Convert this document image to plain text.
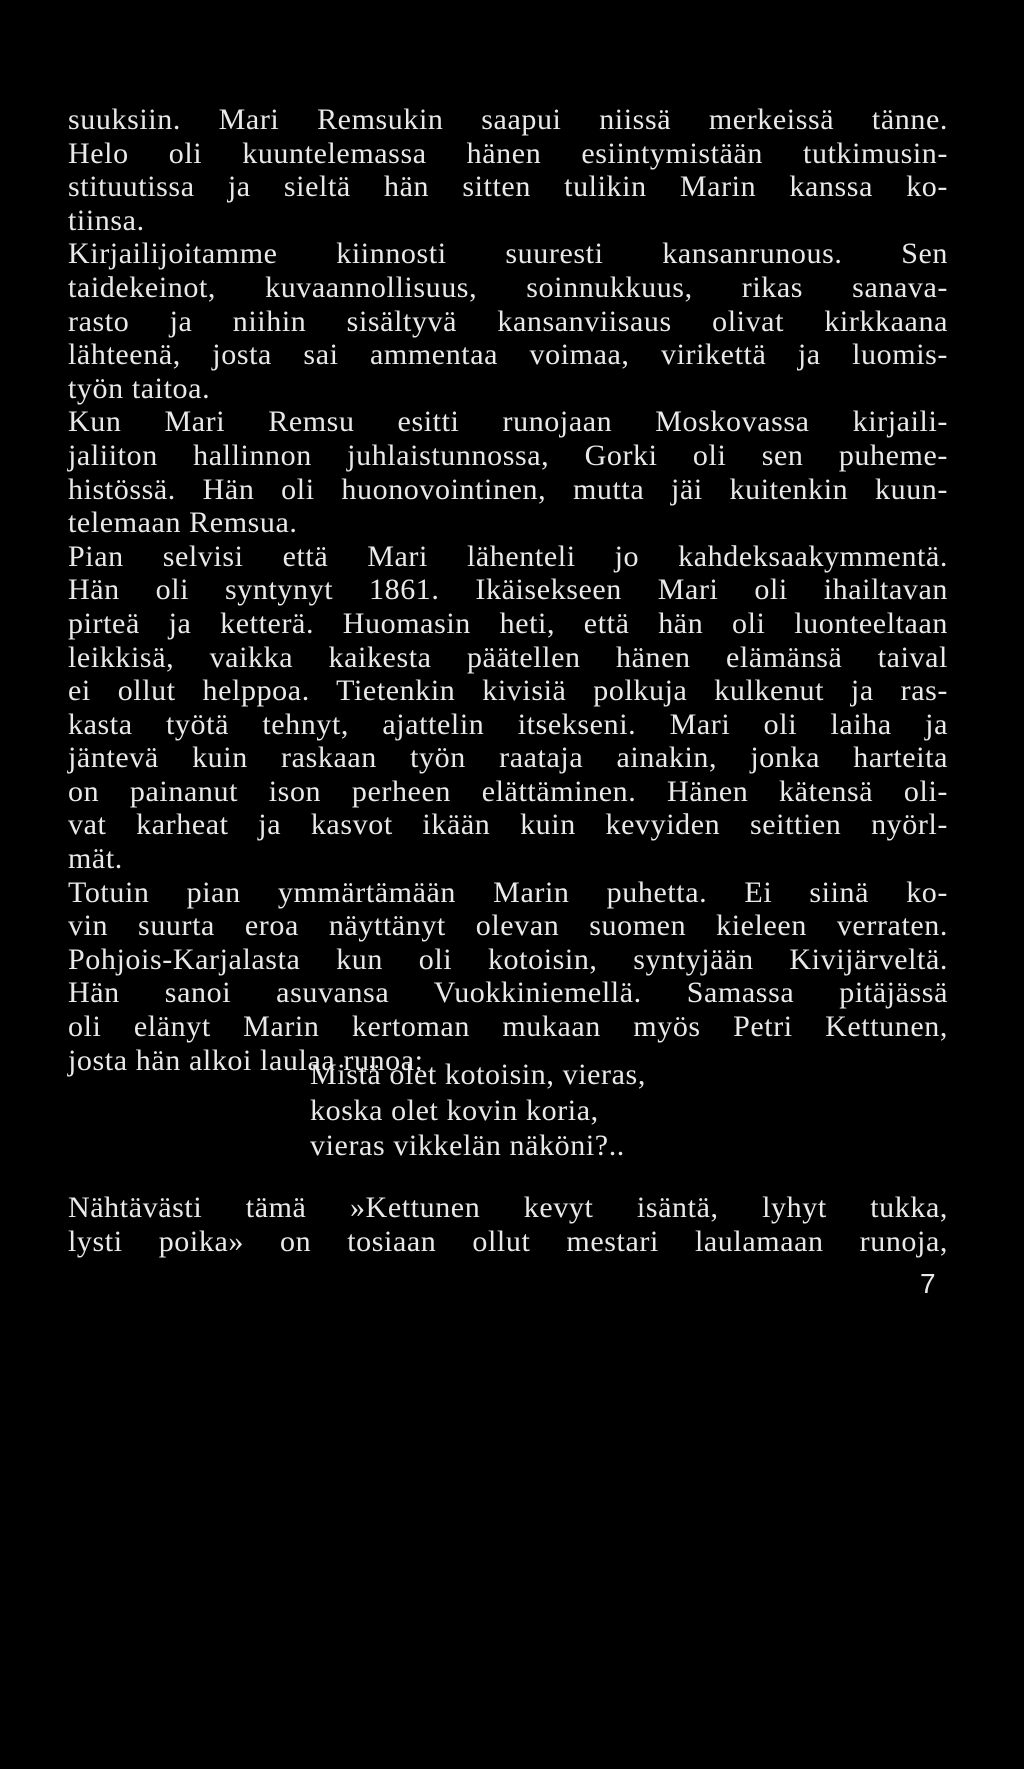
suuksiin. Mari Remsukin saapui niissä merkeissä tänne.
Helo oli kuuntelemassa hänen esiintymistään tutkimusin-
stituutissa ja sieltä hän sitten tulikin Marin kanssa ko-
tiinsa.
Kirjailijoitamme kiinnosti suuresti kansanrunous. Sen
taidekeinot, kuvaannollisuus, soinnukkuus, rikas sanava-
rasto ja niihin sisältyvä kansanviisaus olivat kirkkaana
lähteenä, josta sai ammentaa voimaa, virikettä ja luomis-
työn taitoa.
Kun Mari Remsu esitti runojaan Moskovassa kirjaili-
jaliiton hallinnon juhlaistunnossa, Gorki oli sen puheme-
histössä. Hän oli huonovointinen, mutta jäi kuitenkin kuun-
telemaan Remsua.
Pian selvisi että Mari lähenteli jo kahdeksaakymmentä.
Hän oli syntynyt 1861. Ikäisekseen Mari oli ihailtavan
pirteä ja ketterä. Huomasin heti, että hän oli luonteeltaan
leikkisä, vaikka kaikesta päätellen hänen elämänsä taival
ei ollut helppoa. Tietenkin kivisiä polkuja kulkenut ja ras-
kasta työtä tehnyt, ajattelin itsekseni. Mari oli laiha ja
jäntevä kuin raskaan työn raataja ainakin, jonka harteita
on painanut ison perheen elättäminen. Hänen kätensä oli-
vat karheat ja kasvot ikään kuin kevyiden seittien nyörl-
mät.
Totuin pian ymmärtämään Marin puhetta. Ei siinä ko-
vin suurta eroa näyttänyt olevan suomen kieleen verraten.
Pohjois-Karjalasta kun oli kotoisin, syntyjään Kivijärveltä.
Hän sanoi asuvansa Vuokkiniemellä. Samassa pitäjässä
oli elänyt Marin kertoman mukaan myös Petri Kettunen,
josta hän alkoi laulaa runoa:
Mistä olet kotoisin, vieras,
koska olet kovin koria,
vieras vikkelän näköni?..
Nähtävästi tämä »Kettunen kevyt isäntä, lyhyt tukka,
lysti poika» on tosiaan ollut mestari laulamaan runoja,
7
